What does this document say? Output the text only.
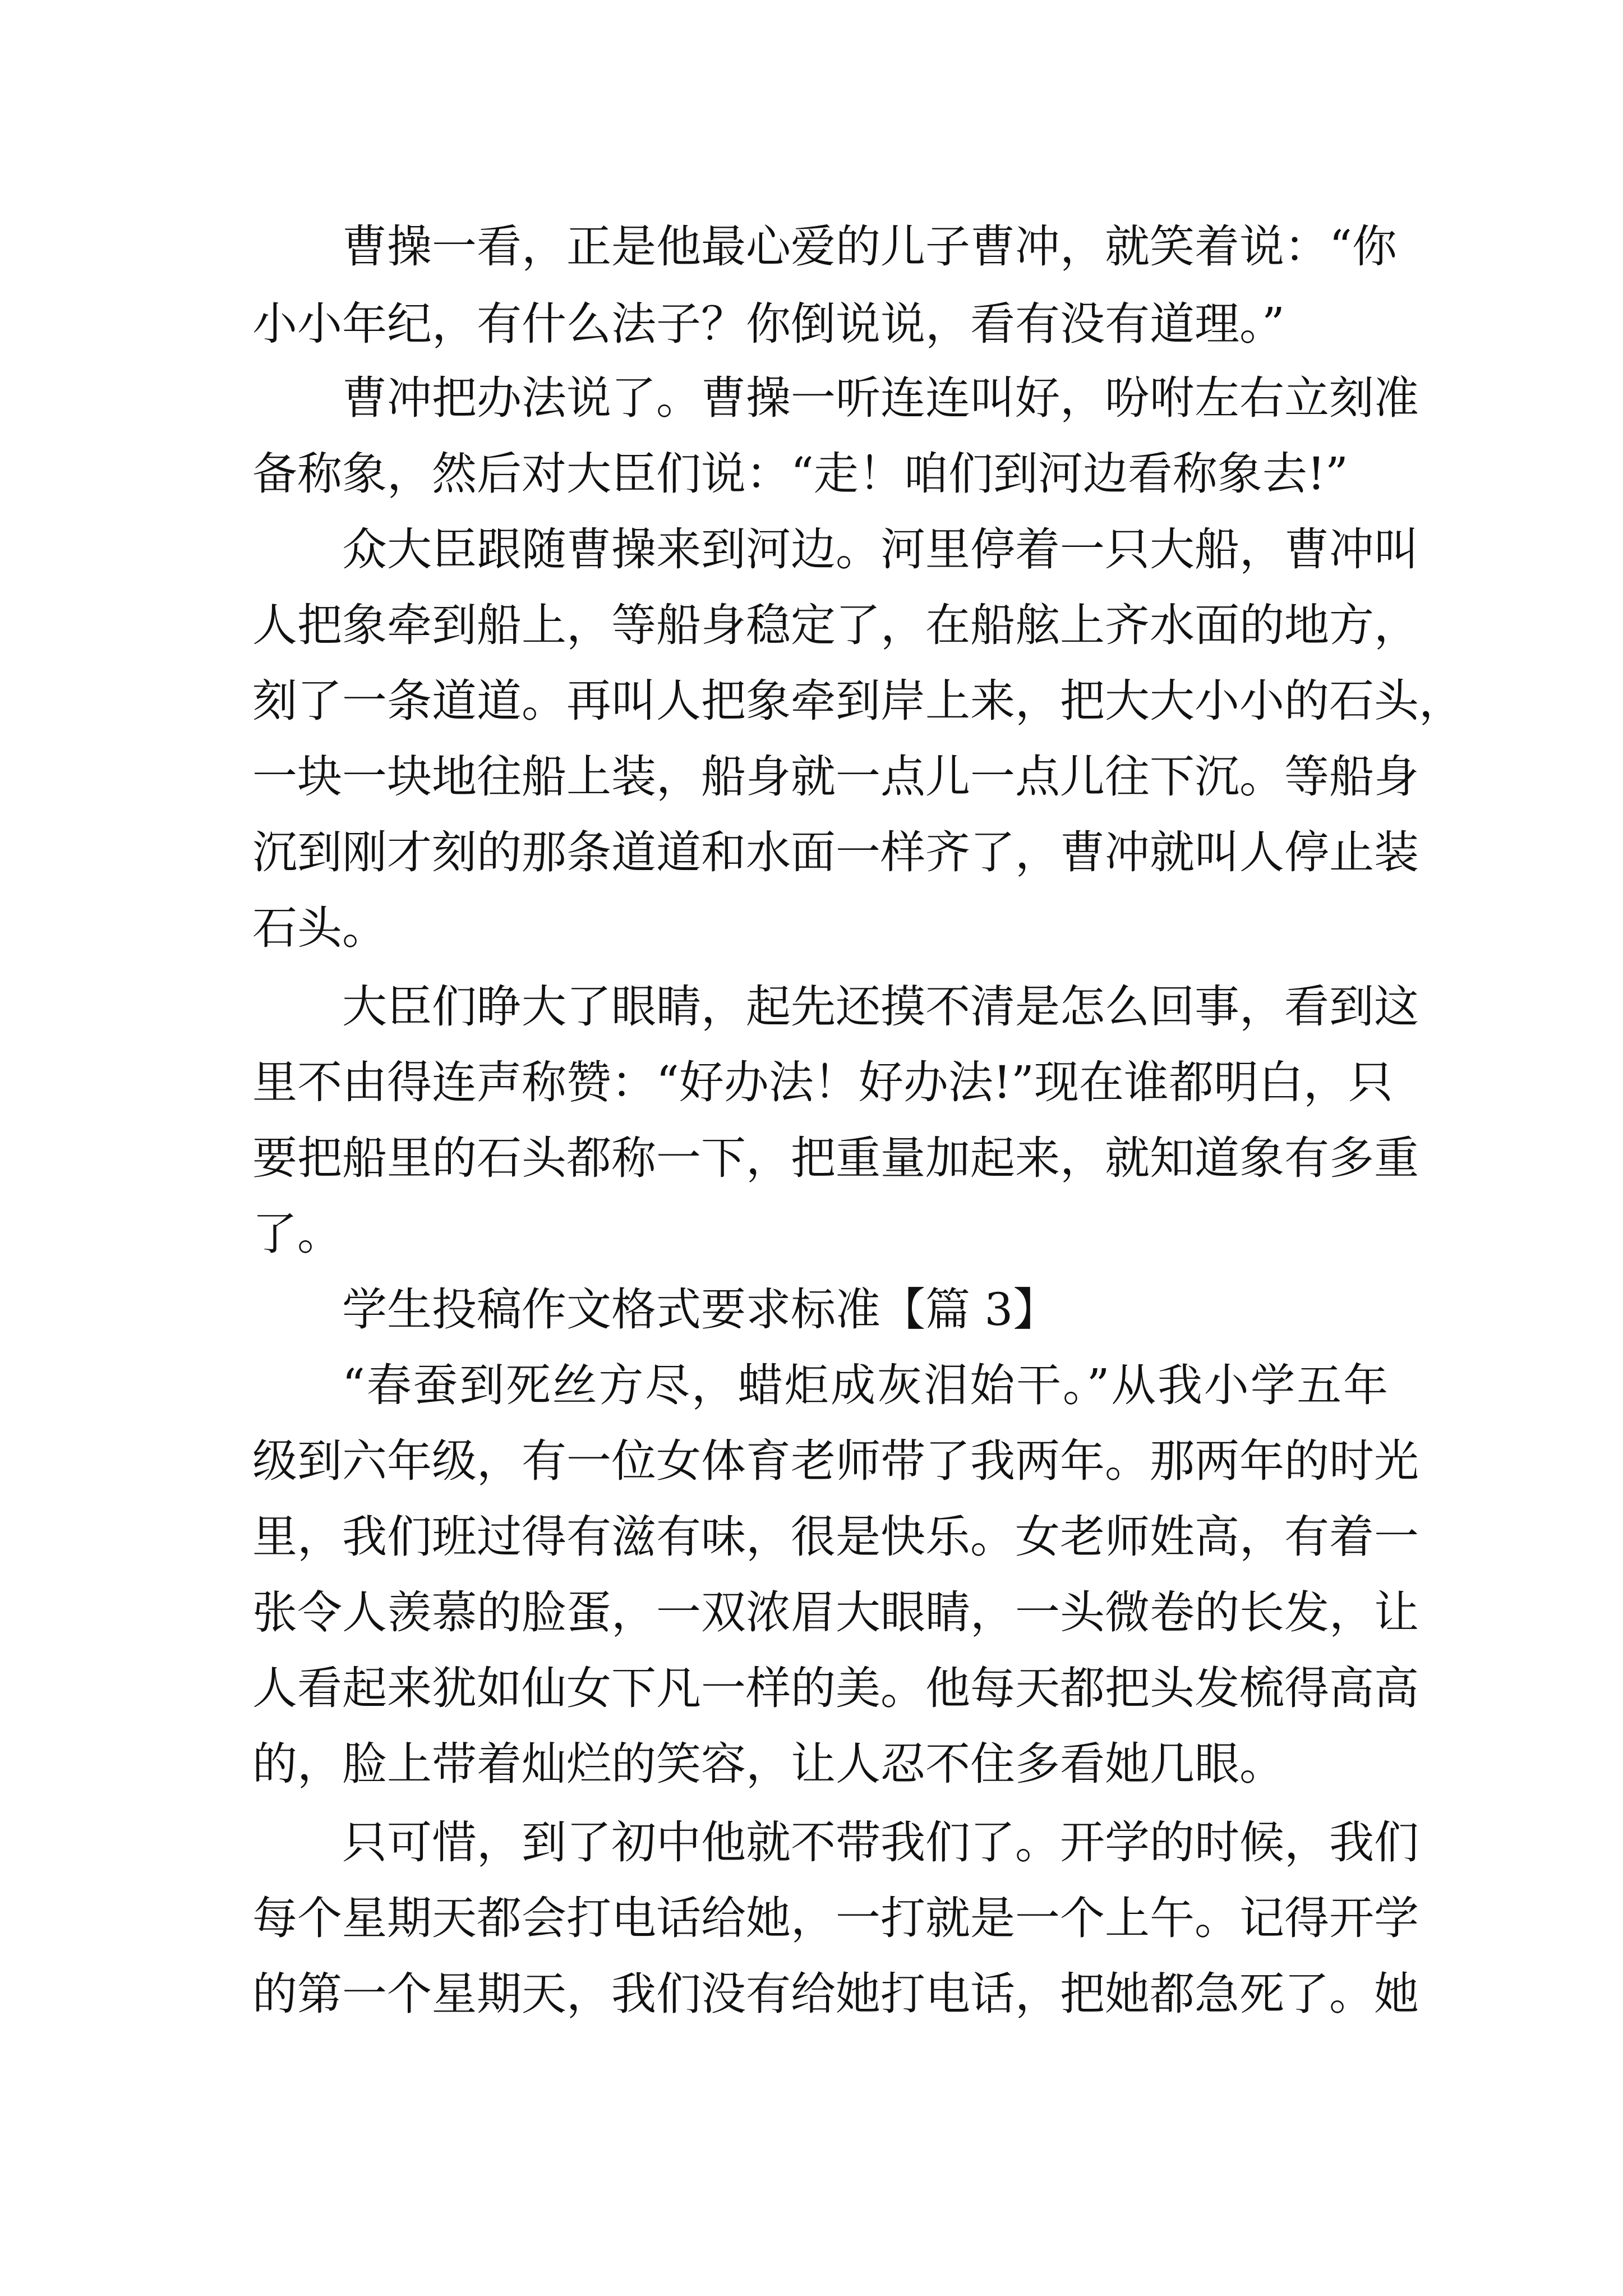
曹操一看，正是他最心爱的儿子曹冲，就笑着说：“你
小小年纪，有什么法子？你倒说说，看有没有道理。”
曹冲把办法说了。曹操一听连连叫好，吩咐左右立刻准
备称象，然后对大臣们说：“走！咱们到河边看称象去!”
众大臣跟随曹操来到河边。河里停着一只大船，曹冲叫
人把象牵到船上，等船身稳定了，在船舷上齐水面的地方，
刻了一条道道。再叫人把象牵到岸上来，把大大小小的石头，
一块一块地往船上装，船身就一点儿一点儿往下沉。等船身
沉到刚才刻的那条道道和水面一样齐了，曹冲就叫人停止装
石头。
大臣们睁大了眼睛，起先还摸不清是怎么回事，看到这
里不由得连声称赞：“好办法！好办法!”现在谁都明白，只
要把船里的石头都称一下，把重量加起来，就知道象有多重
了。
学生投稿作文格式要求标准【篇 3】
“春蚕到死丝方尽，蜡炬成灰泪始干。”从我小学五年
级到六年级，有一位女体育老师带了我两年。那两年的时光
里，我们班过得有滋有味，很是快乐。女老师姓高，有着一
张令人羡慕的脸蛋，一双浓眉大眼睛，一头微卷的长发，让
人看起来犹如仙女下凡一样的美。他每天都把头发梳得高高
的，脸上带着灿烂的笑容，让人忍不住多看她几眼。
只可惜，到了初中他就不带我们了。开学的时候，我们
每个星期天都会打电话给她，一打就是一个上午。记得开学
的第一个星期天，我们没有给她打电话，把她都急死了。她
